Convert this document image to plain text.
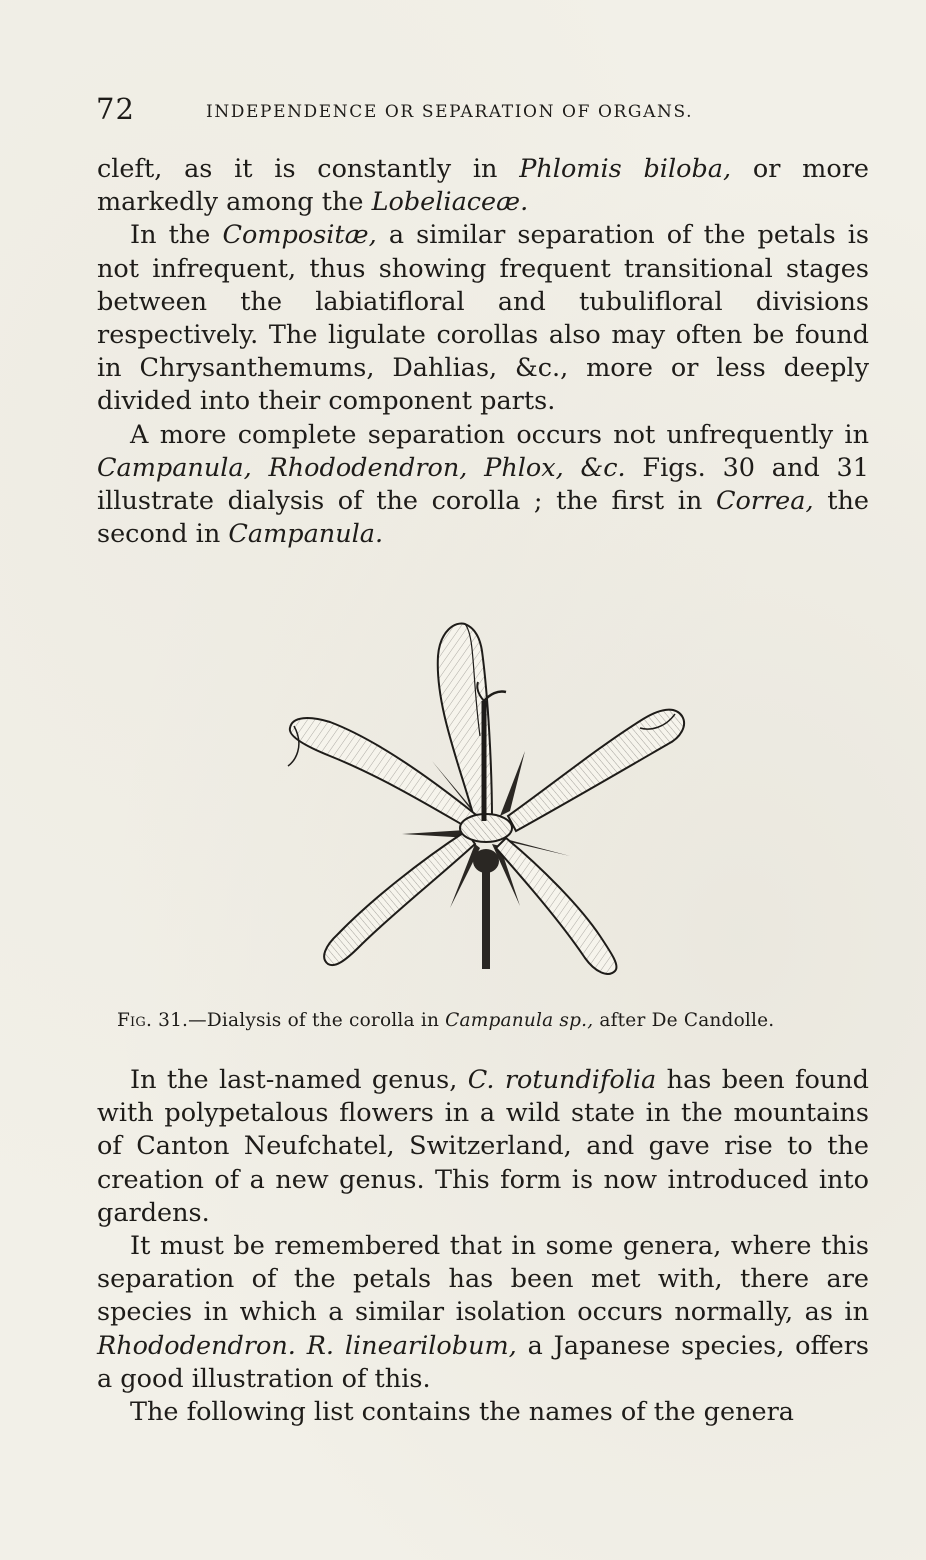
72	INDEPENDENCE OR SEPARATION OF ORGANS.

cleft, as it is constantly in Phlomis biloba, or more markedly among the Lobeliaceæ.

In the Compositæ, a similar separation of the petals is not infrequent, thus showing frequent transitional stages between the labiatifloral and tubulifloral divisions respectively. The ligulate corollas also may often be found in Chrysanthemums, Dahlias, &c., more or less deeply divided into their component parts.

A more complete separation occurs not unfrequently in Campanula, Rhododendron, Phlox, &c. Figs. 30 and 31 illustrate dialysis of the corolla ; the first in Correa, the second in Campanula.

Fig. 31.—Dialysis of the corolla in Campanula sp., after De Candolle.

In the last-named genus, C. rotundifolia has been found with polypetalous flowers in a wild state in the mountains of Canton Neufchatel, Switzerland, and gave rise to the creation of a new genus. This form is now introduced into gardens.

It must be remembered that in some genera, where this separation of the petals has been met with, there are species in which a similar isolation occurs normally, as in Rhododendron. R. linearilobum, a Japanese species, offers a good illustration of this.

The following list contains the names of the genera
